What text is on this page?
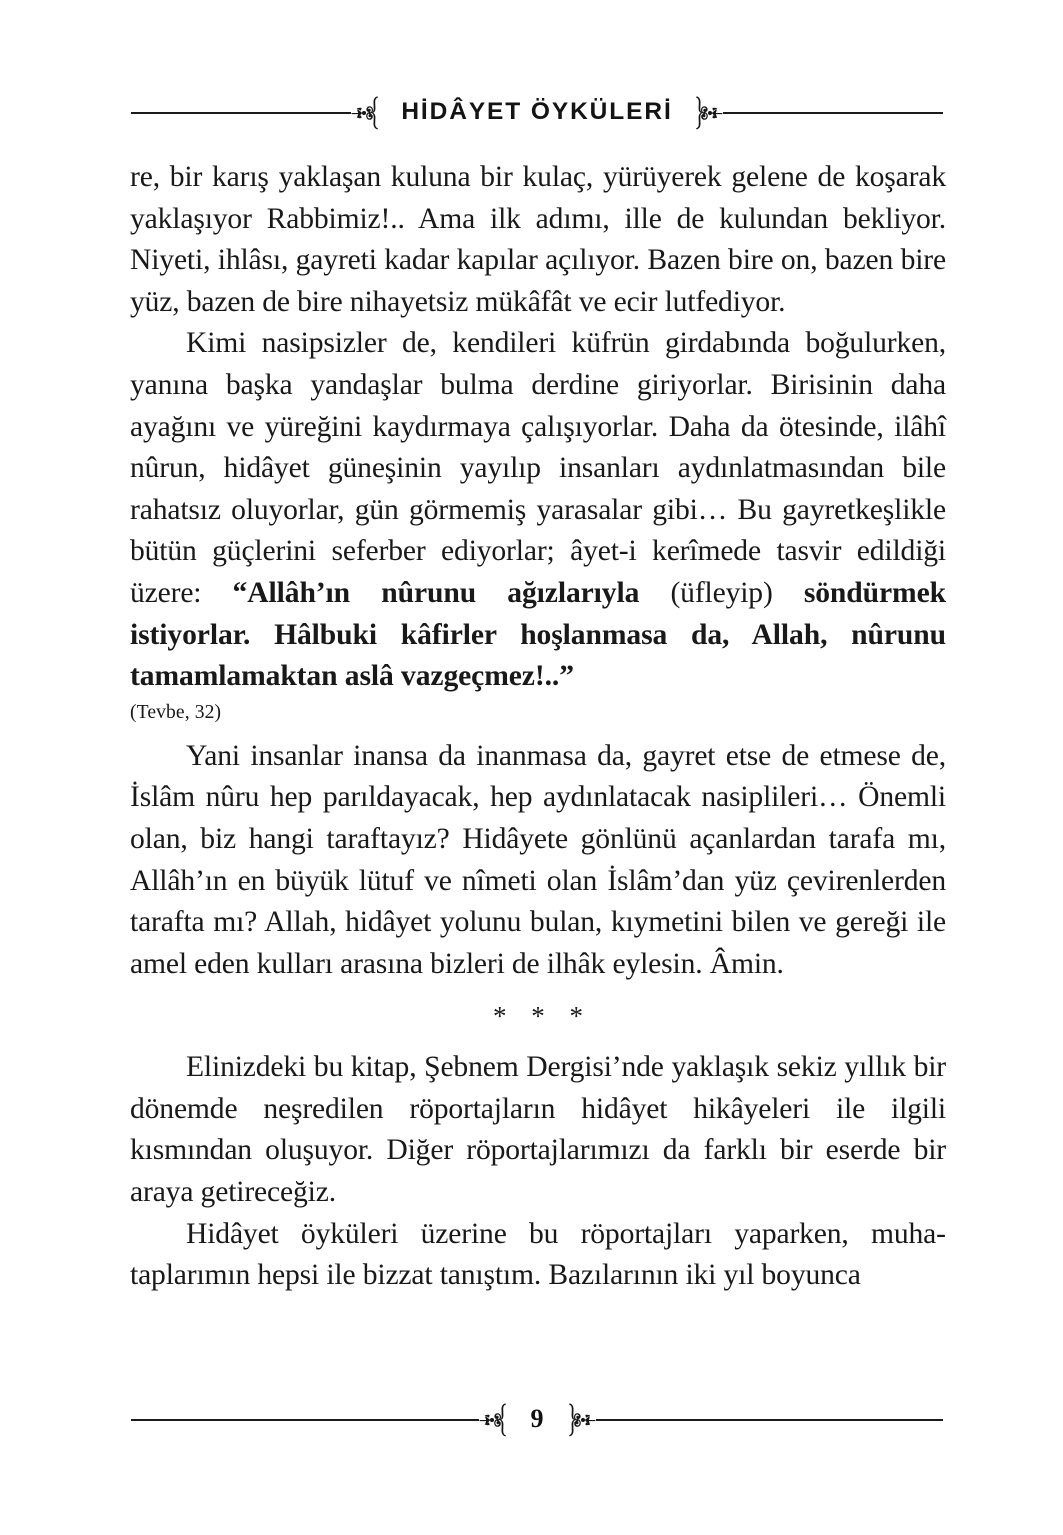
HİDÂYET ÖYKÜLERİ

re, bir karış yaklaşan kuluna bir kulaç, yürüyerek gelene de koşarak yaklaşıyor Rabbimiz!.. Ama ilk adımı, ille de kulundan bekliyor. Niyeti, ihlâsı, gayreti kadar kapılar açılıyor. Bazen bire on, bazen bire yüz, bazen de bire nihayetsiz mükâfât ve ecir lutfediyor.

Kimi nasipsizler de, kendileri küfrün girdabında boğulurken, yanına başka yandaşlar bulma derdine giriyorlar. Birisinin daha ayağını ve yüreğini kaydırmaya çalışıyorlar. Daha da ötesinde, ilâhî nûrun, hidâyet güneşinin yayılıp insanları aydınlatmasından bile rahatsız oluyorlar, gün görmemiş yarasalar gibi… Bu gayretkeşlikle bütün güçlerini seferber ediyorlar; âyet-i kerîmede tasvir edildiği üzere: “Allâh’ın nûrunu ağızlarıyla (üfleyip) söndürmek istiyorlar. Hâlbuki kâfirler hoşlanmasa da, Allah, nûrunu tamamlamaktan aslâ vazgeçmez!..”

(Tevbe, 32)

Yani insanlar inansa da inanmasa da, gayret etse de etmese de, İslâm nûru hep parıldayacak, hep aydınlatacak nasiplileri… Önemli olan, biz hangi taraftayız? Hidâyete gönlünü açanlardan tarafa mı, Allâh’ın en büyük lütuf ve nîmeti olan İslâm’dan yüz çevirenlerden tarafta mı? Allah, hidâyet yolunu bulan, kıymetini bilen ve gereği ile amel eden kulları arasına bizleri de ilhâk eylesin. Âmin.

* * *

Elinizdeki bu kitap, Şebnem Dergisi’nde yaklaşık sekiz yıllık bir dönemde neşredilen röportajların hidâyet hikâyeleri ile ilgili kısmından oluşuyor. Diğer röportajlarımızı da farklı bir eserde bir araya getireceğiz.

Hidâyet öyküleri üzerine bu röportajları yaparken, muhataplarımın hepsi ile bizzat tanıştım. Bazılarının iki yıl boyunca

9
